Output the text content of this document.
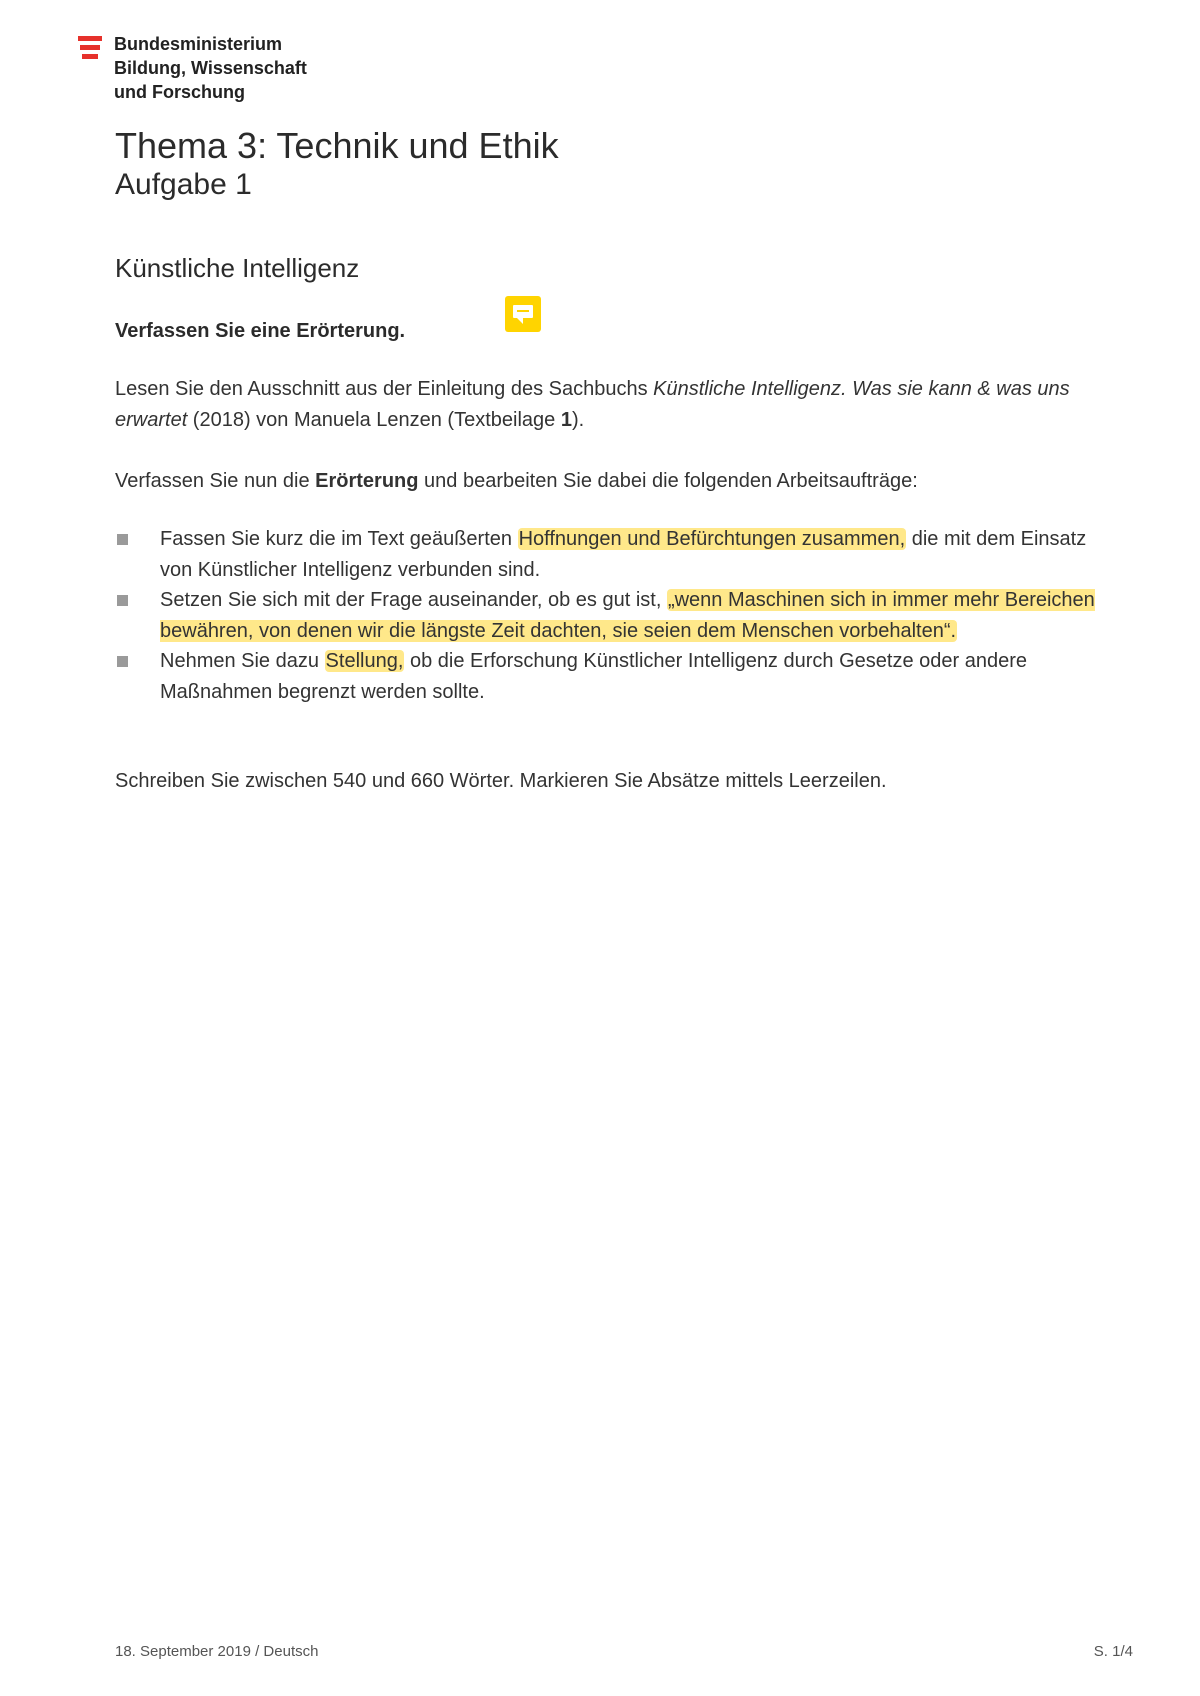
Bundesministerium
Bildung, Wissenschaft
und Forschung
Thema 3: Technik und Ethik
Aufgabe 1
Künstliche Intelligenz
Verfassen Sie eine Erörterung.
Lesen Sie den Ausschnitt aus der Einleitung des Sachbuchs Künstliche Intelligenz. Was sie kann & was uns erwartet (2018) von Manuela Lenzen (Textbeilage 1).
Verfassen Sie nun die Erörterung und bearbeiten Sie dabei die folgenden Arbeitsaufträge:
Fassen Sie kurz die im Text geäußerten Hoffnungen und Befürchtungen zusammen, die mit dem Einsatz von Künstlicher Intelligenz verbunden sind.
Setzen Sie sich mit der Frage auseinander, ob es gut ist, „wenn Maschinen sich in immer mehr Bereichen bewähren, von denen wir die längste Zeit dachten, sie seien dem Menschen vorbehalten“.
Nehmen Sie dazu Stellung, ob die Erforschung Künstlicher Intelligenz durch Gesetze oder andere Maßnahmen begrenzt werden sollte.
Schreiben Sie zwischen 540 und 660 Wörter. Markieren Sie Absätze mittels Leerzeilen.
18. September 2019 / Deutsch	S. 1/4
